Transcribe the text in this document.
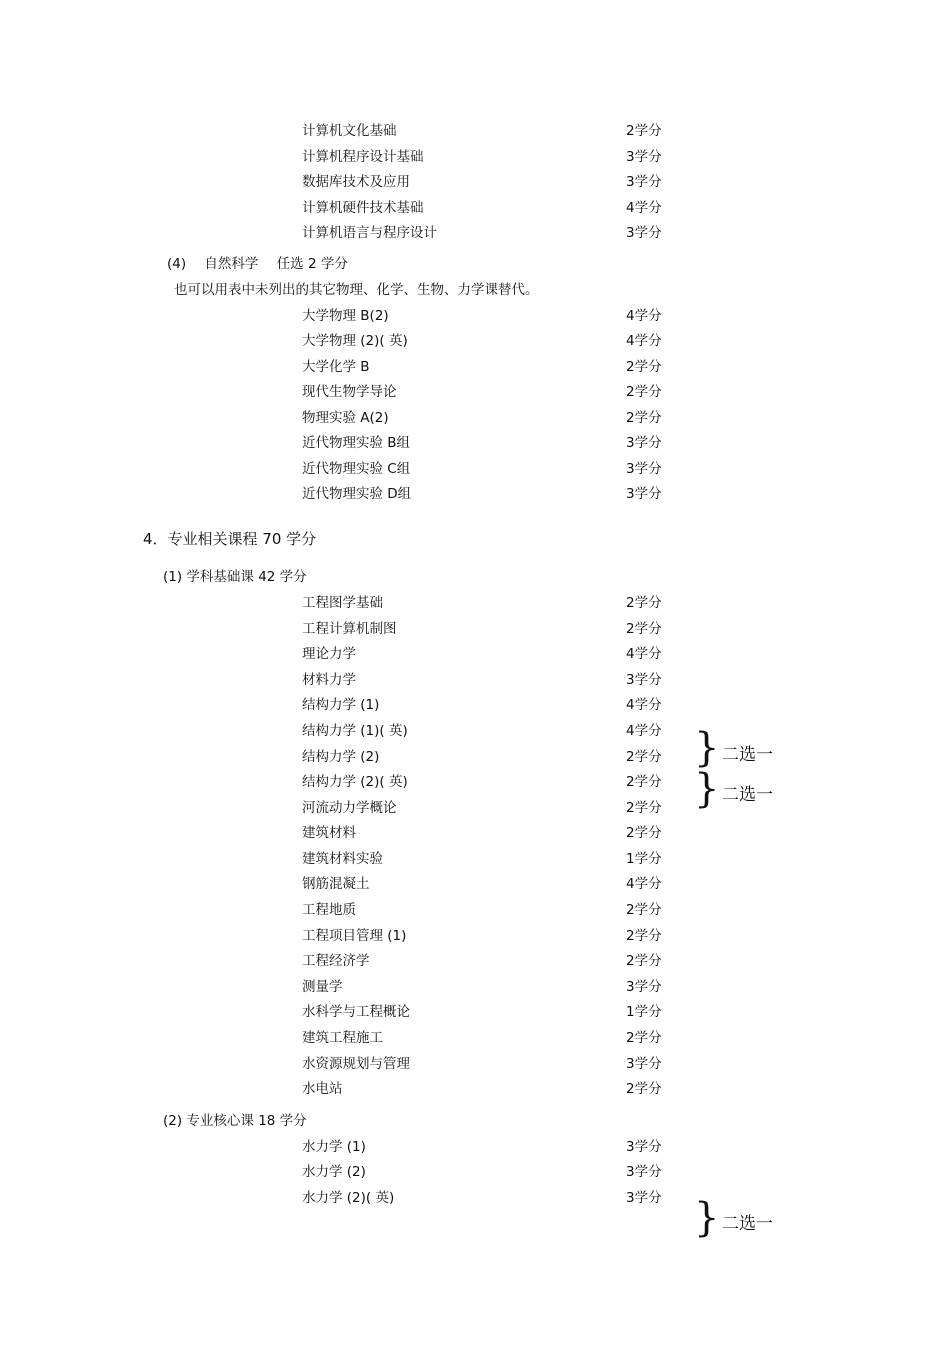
计算机文化基础	2学分
计算机程序设计基础	3学分
数据库技术及应用	3学分
计算机硬件技术基础	4学分
计算机语言与程序设计	3学分
(4) 自然科学 任选 2 学分
也可以用表中未列出的其它物理、化学、生物、力学课替代。
大学物理 B(2)	4学分
大学物理 (2)( 英)	4学分
大学化学 B	2学分
现代生物学导论	2学分
物理实验 A(2)	2学分
近代物理实验 B组	3学分
近代物理实验 C组	3学分
近代物理实验 D组	3学分
4．专业相关课程 70 学分
(1) 学科基础课 42 学分
工程图学基础	2学分
工程计算机制图	2学分
理论力学	4学分
材料力学	3学分
结构力学 (1)	4学分
结构力学 (1)( 英)	4学分
结构力学 (2)	2学分
结构力学 (2)( 英)	2学分
河流动力学概论	2学分
建筑材料	2学分
建筑材料实验	1学分
钢筋混凝土	4学分
工程地质	2学分
工程项目管理 (1)	2学分
工程经济学	2学分
测量学	3学分
水科学与工程概论	1学分
建筑工程施工	2学分
水资源规划与管理	3学分
水电站	2学分
} 二选一
} 二选一
(2) 专业核心课 18 学分
水力学 (1)	3学分
水力学 (2)	3学分
水力学 (2)( 英)	3学分 } 二选一
